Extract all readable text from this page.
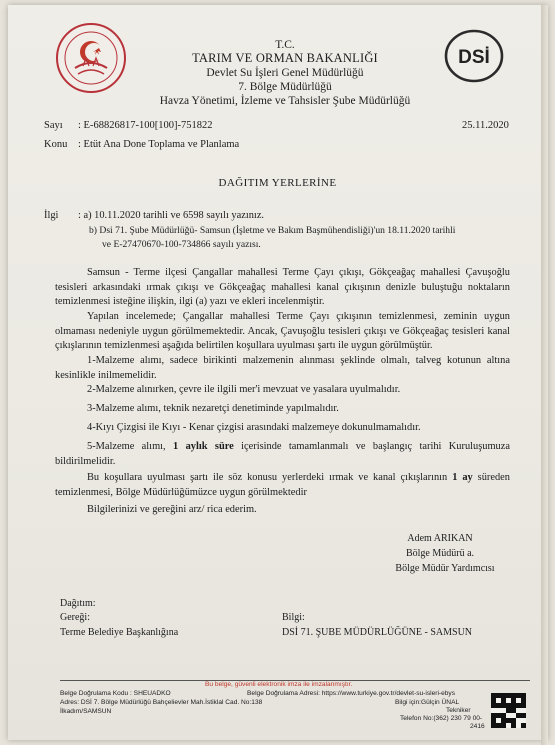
DSİ
T.C.
TARIM VE ORMAN BAKANLIĞI
Devlet Su İşleri Genel Müdürlüğü
7. Bölge Müdürlüğü
Havza Yönetimi, İzleme ve Tahsisler Şube Müdürlüğü
Sayı : E-68826817-100[100]-751822	25.11.2020
Konu : Etüt Ana Done Toplama ve Planlama
DAĞITIM YERLERİNE
İlgi : a) 10.11.2020 tarihli ve 6598 sayılı yazınız.
b) Dsi 71. Şube Müdürlüğü- Samsun (İşletme ve Bakım Başmühendisliği)'un 18.11.2020 tarihli
ve E-27470670-100-734866 sayılı yazısı.
Samsun - Terme ilçesi Çangallar mahallesi Terme Çayı çıkışı, Gökçeağaç mahallesi Çavuşoğlu tesisleri arkasındaki ırmak çıkışı ve Gökçeağaç mahallesi kanal çıkışının denizle buluştuğu noktaların temizlenmesi isteğine ilişkin, ilgi (a) yazı ve ekleri incelenmiştir.
Yapılan incelemede; Çangallar mahallesi Terme Çayı çıkışının temizlenmesi, zeminin uygun olmaması nedeniyle uygun görülmemektedir. Ancak, Çavuşoğlu tesisleri çıkışı ve Gökçeağaç tesisleri kanal çıkışlarının temizlenmesi aşağıda belirtilen koşullara uyulması şartı ile uygun görülmüştür.
1-Malzeme alımı, sadece birikinti malzemenin alınması şeklinde olmalı, talveg kotunun altına kesinlikle inilmemelidir.
2-Malzeme alınırken, çevre ile ilgili mer'i mevzuat ve yasalara uyulmalıdır.
3-Malzeme alımı, teknik nezaretçi denetiminde yapılmalıdır.
4-Kıyı Çizgisi ile Kıyı - Kenar çizgisi arasındaki malzemeye dokunulmamalıdır.
5-Malzeme alımı, 1 aylık süre içerisinde tamamlanmalı ve başlangıç tarihi Kuruluşumuza bildirilmelidir.
Bu koşullara uyulması şartı ile söz konusu yerlerdeki ırmak ve kanal çıkışlarının 1 ay süreden temizlenmesi, Bölge Müdürlüğümüzce uygun görülmektedir
Bilgilerinizi ve gereğini arz/ rica ederim.
Adem ARIKAN
Bölge Müdürü a.
Bölge Müdür Yardımcısı
Dağıtım:
Gereği:
Terme Belediye Başkanlığına
Bilgi:
DSİ 71. ŞUBE MÜDÜRLÜĞÜNE - SAMSUN
Bu belge, güvenli elektronik imza ile imzalanmıştır.
Belge Doğrulama Kodu : SHEUADKO	Belge Doğrulama Adresi: https://www.turkiye.gov.tr/devlet-su-isleri-ebys
Adres: DSİ 7. Bölge Müdürlüğü Bahçelievler Mah.İstiklal Cad. No:138
İlkadım/SAMSUN
Bilgi için:Gülçin ÜNAL
Tekniker
Telefon No:(362) 230 79 00-
2416
